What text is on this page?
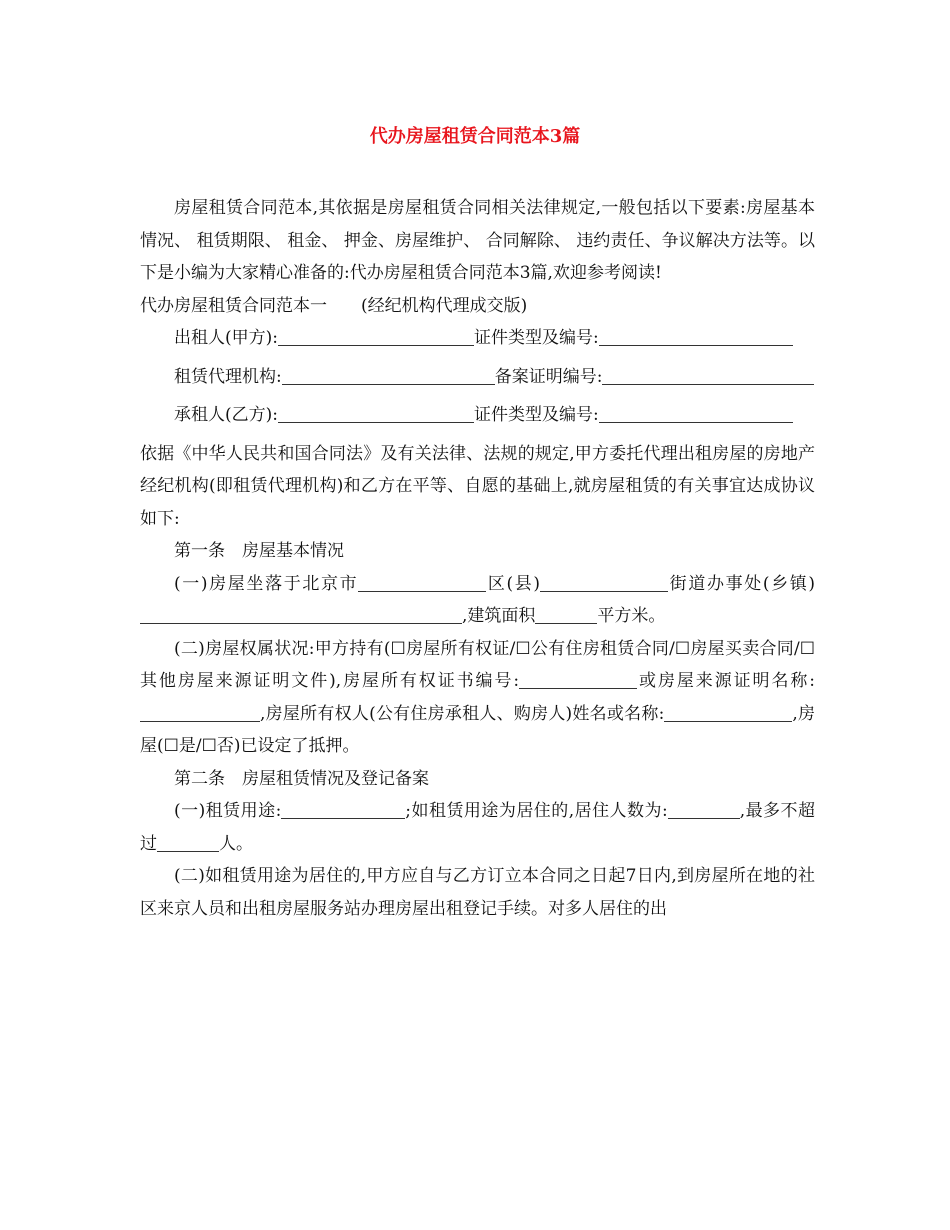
代办房屋租赁合同范本3篇

房屋租赁合同范本,其依据是房屋租赁合同相关法律规定,一般包括以下要素:房屋基本情况、 租赁期限、 租金、 押金、房屋维护、 合同解除、 违约责任、争议解决方法等。以下是小编为大家精心准备的:代办房屋租赁合同范本3篇,欢迎参考阅读!

代办房屋租赁合同范本一　　(经纪机构代理成交版)

出租人(甲方):	证件类型及编号:

租赁代理机构:	备案证明编号:

承租人(乙方):	证件类型及编号:

依据《中华人民共和国合同法》及有关法律、法规的规定,甲方委托代理出租房屋的房地产经纪机构(即租赁代理机构)和乙方在平等、自愿的基础上,就房屋租赁的有关事宜达成协议如下:

第一条　房屋基本情况

(一)房屋坐落于北京市	区(县)	街道办事处(乡镇),建筑面积	平方米。

(二)房屋权属状况:甲方持有(☐房屋所有权证/☐公有住房租赁合同/☐房屋买卖合同/☐其他房屋来源证明文件),房屋所有权证书编号:	或房屋来源证明名称:,房屋所有权人(公有住房承租人、购房人)姓名或名称:	,房屋(☐是/☐否)已设定了抵押。

第二条　房屋租赁情况及登记备案

(一)租赁用途:	;如租赁用途为居住的,居住人数为:	,最多不超过	人。

(二)如租赁用途为居住的,甲方应自与乙方订立本合同之日起7日内,到房屋所在地的社区来京人员和出租房屋服务站办理房屋出租登记手续。对多人居住的出
